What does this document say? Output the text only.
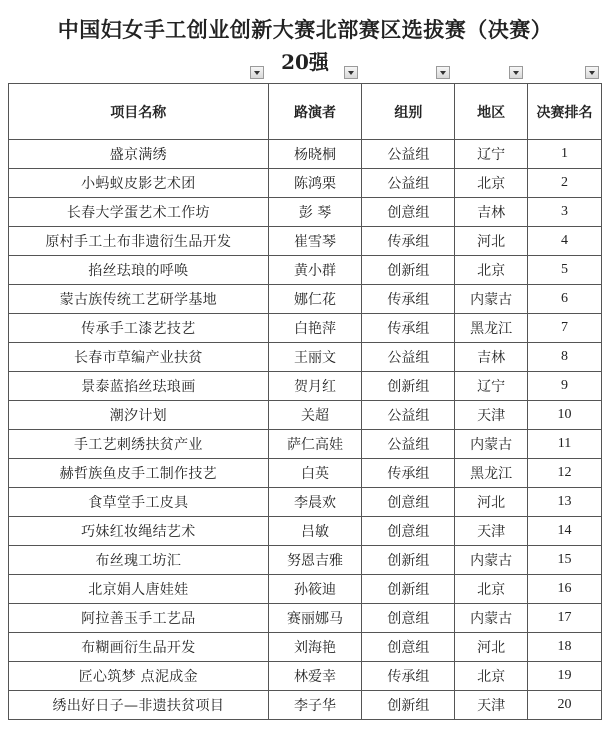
中国妇女手工创业创新大赛北部赛区选拔赛（决赛）
20强
项目名称	路演者	组别	地区	决赛排名
盛京满绣	杨晓桐	公益组	辽宁	1
小蚂蚁皮影艺术团	陈鸿栗	公益组	北京	2
长春大学蛋艺术工作坊	彭 琴	创意组	吉林	3
原村手工土布非遗衍生品开发	崔雪琴	传承组	河北	4
掐丝珐琅的呼唤	黄小群	创新组	北京	5
蒙古族传统工艺研学基地	娜仁花	传承组	内蒙古	6
传承手工漆艺技艺	白艳萍	传承组	黑龙江	7
长春市草编产业扶贫	王丽文	公益组	吉林	8
景泰蓝掐丝珐琅画	贺月红	创新组	辽宁	9
潮汐计划	关超	公益组	天津	10
手工艺刺绣扶贫产业	萨仁高娃	公益组	内蒙古	11
赫哲族鱼皮手工制作技艺	白英	传承组	黑龙江	12
食草堂手工皮具	李晨欢	创意组	河北	13
巧妹红妆绳结艺术	吕敏	创意组	天津	14
布丝瑰工坊汇	努恩吉雅	创新组	内蒙古	15
北京娟人唐娃娃	孙筱迪	创新组	北京	16
阿拉善玉手工艺品	赛丽娜马	创意组	内蒙古	17
布糊画衍生品开发	刘海艳	创意组	河北	18
匠心筑梦 点泥成金	林爱幸	传承组	北京	19
绣出好日子—非遗扶贫项目	李子华	创新组	天津	20
